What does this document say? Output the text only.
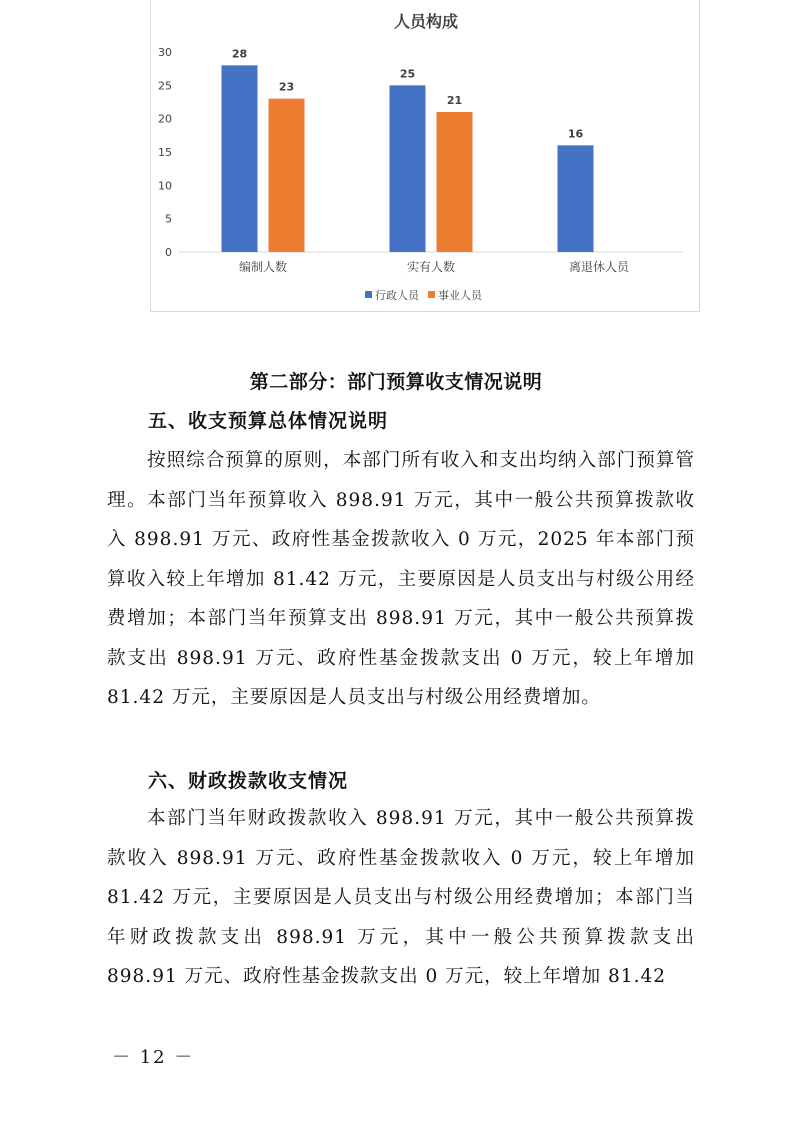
人员构成
0
5
10
15
20
25
30	28
23
25
21
16
编制人数	实有人数	离退休人员
行政人员 事业人员
第二部分：部门预算收支情况说明
五、收支预算总体情况说明

按照综合预算的原则，本部门所有收入和支出均纳入部门预算管理。本部门当年预算收入 898.91 万元，其中一般公共预算拨款收入 898.91 万元、政府性基金拨款收入 0 万元，2025 年本部门预算收入较上年增加 81.42 万元，主要原因是人员支出与村级公用经费增加；本部门当年预算支出 898.91 万元，其中一般公共预算拨款支出 898.91 万元、政府性基金拨款支出 0 万元，较上年增加 81.42 万元，主要原因是人员支出与村级公用经费增加。

六、财政拨款收支情况

本部门当年财政拨款收入 898.91 万元，其中一般公共预算拨款收入 898.91 万元、政府性基金拨款收入 0 万元，较上年增加 81.42 万元，主要原因是人员支出与村级公用经费增加；本部门当年财政拨款支出 898.91 万元，其中一般公共预算拨款支出 898.91 万元、政府性基金拨款支出 0 万元，较上年增加 81.42

－ 12 －
